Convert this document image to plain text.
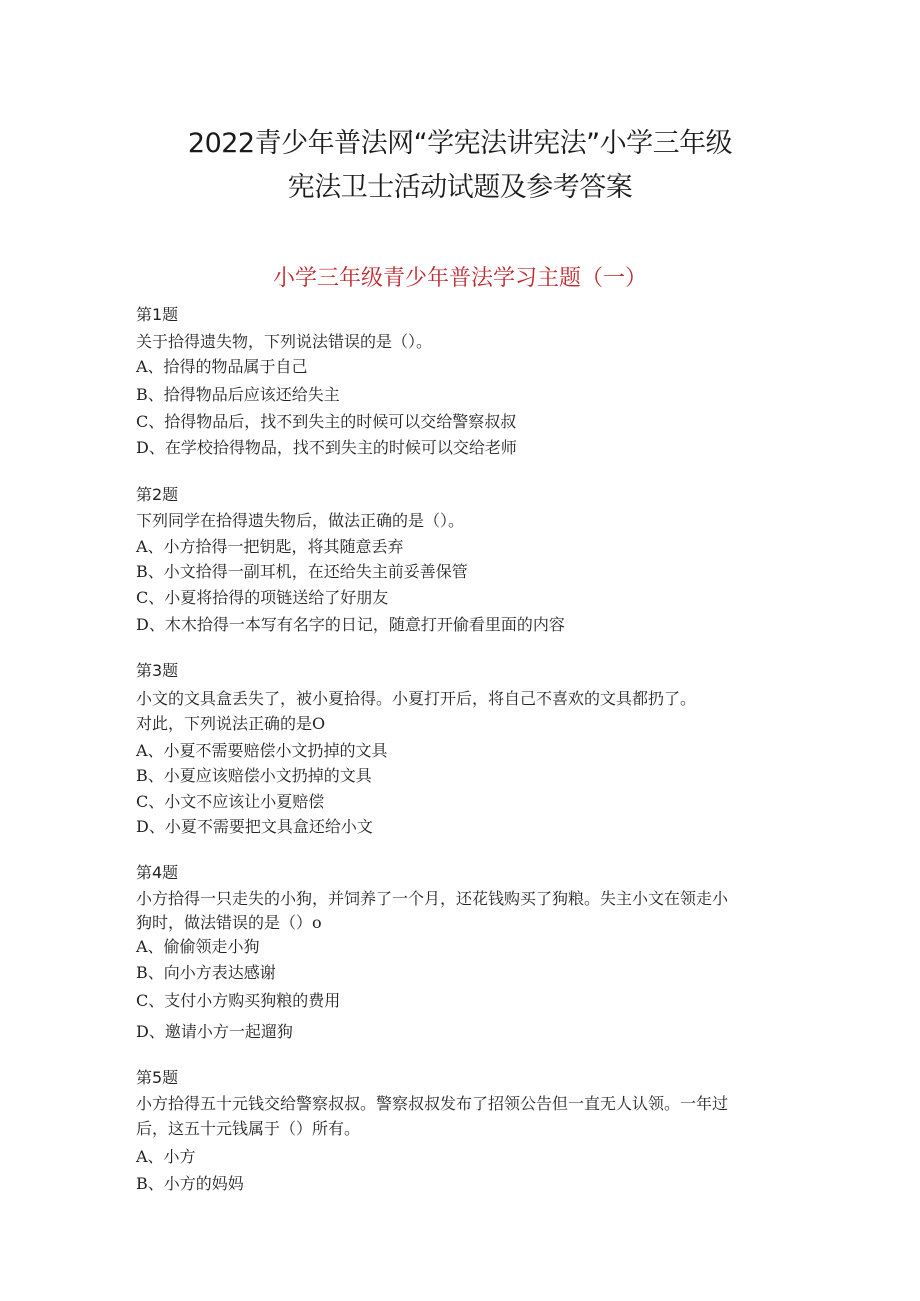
2022青少年普法网“学宪法讲宪法”小学三年级
宪法卫士活动试题及参考答案
小学三年级青少年普法学习主题（一）
第1题
关于拾得遗失物，下列说法错误的是（）。
A、拾得的物品属于自己
B、拾得物品后应该还给失主
C、拾得物品后，找不到失主的时候可以交给警察叔叔
D、在学校拾得物品，找不到失主的时候可以交给老师
第2题
下列同学在拾得遗失物后，做法正确的是（）。
A、小方拾得一把钥匙，将其随意丢弃
B、小文拾得一副耳机，在还给失主前妥善保管
C、小夏将拾得的项链送给了好朋友
D、木木拾得一本写有名字的日记，随意打开偷看里面的内容
第3题
小文的文具盒丢失了，被小夏拾得。小夏打开后，将自己不喜欢的文具都扔了。
对此，下列说法正确的是O
A、小夏不需要赔偿小文扔掉的文具
B、小夏应该赔偿小文扔掉的文具
C、小文不应该让小夏赔偿
D、小夏不需要把文具盒还给小文
第4题
小方拾得一只走失的小狗，并饲养了一个月，还花钱购买了狗粮。失主小文在领走小
狗时，做法错误的是（）o
A、偷偷领走小狗
B、向小方表达感谢
C、支付小方购买狗粮的费用
D、邀请小方一起遛狗
第5题
小方拾得五十元钱交给警察叔叔。警察叔叔发布了招领公告但一直无人认领。一年过
后，这五十元钱属于（）所有。
A、小方
B、小方的妈妈
